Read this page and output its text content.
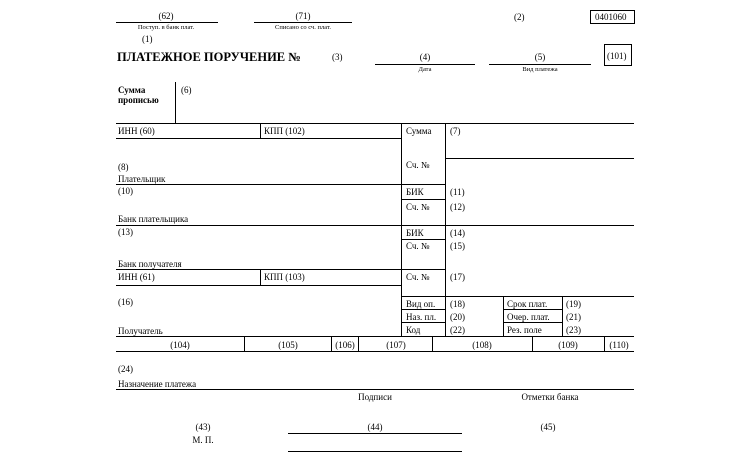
(62)
Поступ. в банк плат.
(71)
Списано со сч. плат.
(1)
(2)	0401060
ПЛАТЕЖНОЕ ПОРУЧЕНИЕ №	(3)	(4)
Дата
(5)
Вид платежа
(101)
Сумма
прописью
(6)
ИНН (60)	КПП (102)
(8)
Плательщик
(10)
Банк плательщика
(13)
Банк получателя
ИНН (61)	КПП (103)
(16)
Получатель
Сумма (7)
Сч. №
БИК	(11)
Сч. № (12)
БИК	(14)
Сч. № (15)
Сч. № (17)
Вид оп. (18)	Срок плат. (19)
Наз. пл. (20)	Очер. плат. (21)
Код	(22)	Рез. поле	(23)
(104)	(105)	(106)	(107)	(108)	(109)	(110)
(24)
Назначение платежа
Подписи	Отметки банка
(43)
М. П.
(44)	(45)
